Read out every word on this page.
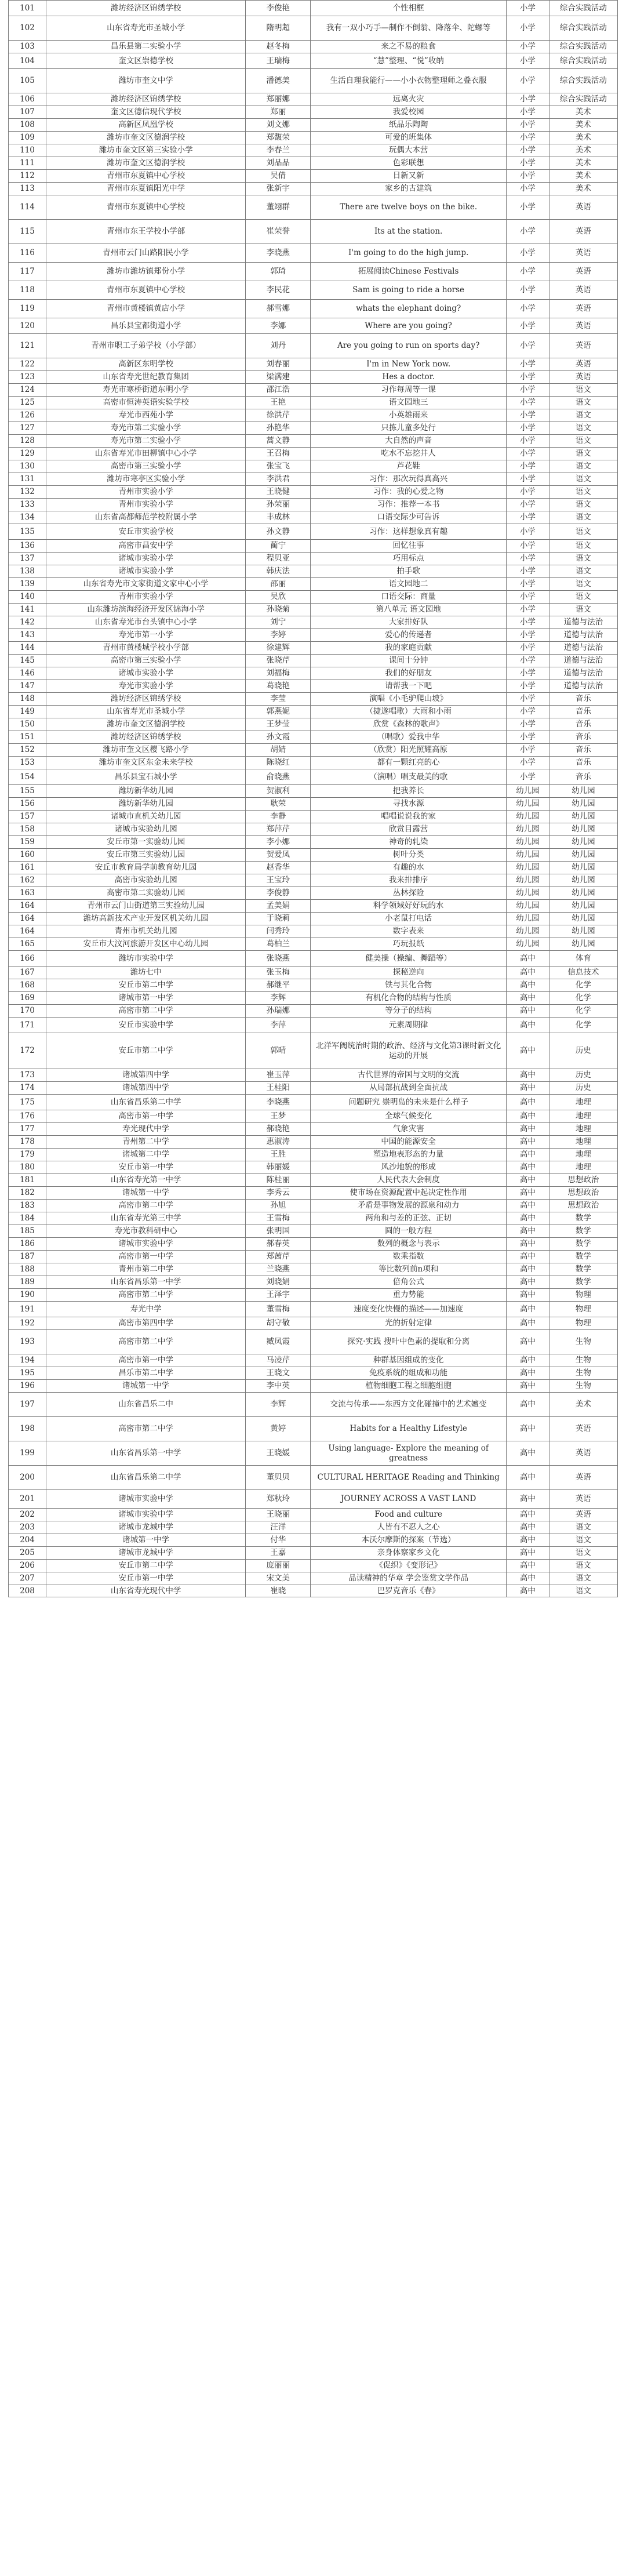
101	潍坊经济区锦绣学校	李俊艳	个性相框	小学	综合实践活动
102	山东省寿光市圣城小学	隋明超	我有一双小巧手—制作不倒翁、降落伞、陀螺等	小学	综合实践活动
103	昌乐县第二实验小学	赵冬梅	来之不易的粮食	小学	综合实践活动
104	奎文区崇德学校	王瑞梅	“慧”整理、“悦”收纳	小学	综合实践活动
105	潍坊市奎文中学	潘德美	生活自理我能行——小小衣物整理师之叠衣服	小学	综合实践活动
106	潍坊经济区锦绣学校	郑丽娜	远离火灾	小学	综合实践活动
107	奎文区德信现代学校	郑丽	我爱校园	小学	美术
108	高新区凤凰学校	刘文娜	纸品乐陶陶	小学	美术
109	潍坊市奎文区德润学校	郑馥荣	可爱的班集体	小学	美术
110	潍坊市奎文区第三实验小学	李春兰	玩偶大本营	小学	美术
111	潍坊市奎文区德润学校	刘品品	色彩联想	小学	美术
112	青州市东夏镇中心学校	吴倩	日新又新	小学	美术
113	青州市东夏镇阳光中学	张新宇	家乡的古建筑	小学	美术
114	青州市东夏镇中心学校	董翊群	There are twelve boys on the bike.	小学	英语
115	青州市东王学校小学部	崔荣誉	Its at the station.	小学	英语
116	青州市云门山路阳民小学	李晓燕	I'm going to do the high jump.	小学	英语
117	潍坊市潍坊镇郑份小学	郭琦	拓展阅读Chinese Festivals	小学	英语
118	青州市东夏镇中心学校	李民花	Sam is going to ride a horse	小学	英语
119	青州市黄楼镇黄店小学	郝雪娜	whats the elephant doing?	小学	英语
120	昌乐县宝都街道小学	李娜	Where are you going?	小学	英语
121	青州市职工子弟学校（小学部）	刘丹	Are you going to run on sports day?	小学	英语
122	高新区东明学校	刘春丽	I'm in New York now.	小学	英语
123	山东省寿光世纪教育集团	梁满建	Hes a doctor.	小学	英语
124	寿光市寒桥街道东明小学	邵江浩	习作每周等一课	小学	语文
125	高密市恒涛英语实验学校	王艳	语文园地三	小学	语文
126	寿光市西苑小学	徐洪芹	小英雄雨来	小学	语文
127	寿光市第二实验小学	孙艳华	只拣儿童多处行	小学	语文
128	寿光市第二实验小学	蒿文静	大自然的声音	小学	语文
129	山东省寿光市田柳镇中心小学	王召梅	吃水不忘挖井人	小学	语文
130	高密市第三实验小学	张宝飞	芦花鞋	小学	语文
131	潍坊市寒亭区实验小学	李洪君	习作：那次玩得真高兴	小学	语文
132	青州市实验小学	王晓健	习作：我的心爱之物	小学	语文
133	青州市实验小学	孙荣丽	习作：推荐一本书	小学	语文
134	山东省高都师范学校附属小学	丰成林	口语交际少可告诉	小学	语文
135	安丘市实验学校	孙文静	习作：这样想象真有趣	小学	语文
136	高密市昌安中学	蔺宁	回忆往事	小学	语文
137	诸城市实验小学	程贝亚	巧用标点	小学	语文
138	诸城市实验小学	韩庆法	拍手歌	小学	语文
139	山东省寿光市文家街道文家中心小学	邵丽	语文园地二	小学	语文
140	青州市实验小学	吴欣	口语交际：商量	小学	语文
141	山东潍坊滨海经济开发区锦海小学	孙晓菊	第八单元 语文园地	小学	语文
142	山东省寿光市台头镇中心小学	刘宁	大家排好队	小学	道德与法治
143	寿光市第一小学	李婷	爱心的传递者	小学	道德与法治
144	青州市黄楼城学校小学部	徐建辉	我的家庭贡献	小学	道德与法治
145	高密市第三实验小学	张晓芹	课间十分钟	小学	道德与法治
146	诸城市实验小学	刘福梅	我们的好朋友	小学	道德与法治
147	寿光市实验小学	葛晓艳	请帮我一下吧	小学	道德与法治
148	潍坊经济区锦绣学校	李莹	演唱《小毛驴爬山坡》	小学	音乐
149	山东省寿光市圣城小学	郭燕妮	（捷遂唱歌）大雨和小雨	小学	音乐
150	潍坊市奎文区德润学校	王梦莹	欣赏《森林的歌声》	小学	音乐
151	潍坊经济区锦绣学校	孙文霞	（唱歌）爱我中华	小学	音乐
152	潍坊市奎文区樱飞路小学	胡婧	（欣赏）阳光照耀高原	小学	音乐
153	潍坊市奎文区东金未来学校	陈晓红	都有一颗红亮的心	小学	音乐
154	昌乐县宝石城小学	俞晓燕	（演唱）唱支最美的歌	小学	音乐
155	潍坊新华幼儿园	贺淑利	把我养长	幼儿园	幼儿园
156	潍坊新华幼儿园	耿荣	寻找水源	幼儿园	幼儿园
157	诸城市直机关幼儿园	李静	唱唱说说我的家	幼儿园	幼儿园
158	诸城市实验幼儿园	郑萍芹	欣赏目露营	幼儿园	幼儿园
159	安丘市第一实验幼儿园	李小娜	神奇的轧染	幼儿园	幼儿园
160	安丘市第三实验幼儿园	贺爱凤	树叶分类	幼儿园	幼儿园
161	安丘市教育局学前教育幼儿园	赵香华	有趣的水	幼儿园	幼儿园
162	高密市实验幼儿园	王宝玲	我来排排序	幼儿园	幼儿园
163	高密市第二实验幼儿园	李俊静	丛林探险	幼儿园	幼儿园
164	青州市云门山街道第三实验幼儿园	孟美娟	科学领域好好玩的水	幼儿园	幼儿园
164	潍坊高新技术产业开发区机关幼儿园	于晓莉	小老鼠打电话	幼儿园	幼儿园
164	青州市机关幼儿园	闫秀玲	数字表来	幼儿园	幼儿园
165	安丘市大汶河旅游开发区中心幼儿园	葛柏兰	巧玩报纸	幼儿园	幼儿园
166	潍坊市实验中学	张晓燕	健美操（操编、舞蹈等）	高中	体育
167	潍坊七中	张玉梅	探秘逆向	高中	信息技术
168	安丘市第二中学	郝继平	铁与其化合物	高中	化学
169	诸城市第一中学	李辉	有机化合物的结构与性质	高中	化学
170	高密市第二中学	孙瑞娜	等分子的结构	高中	化学
171	安丘市实验中学	李萍	元素周期律	高中	化学
172	安丘市第二中学	郭晴	北洋军阀统治时期的政治、经济与文化第3课时新文化运动的开展	高中	历史
173	诸城第四中学	崔玉萍	古代世界的帝国与文明的交流	高中	历史
174	诸城第四中学	王桂阳	从局部抗战到全面抗战	高中	历史
175	山东省昌乐第二中学	李晓燕	问题研究 崇明岛的未来是什么样子	高中	地理
176	高密市第一中学	王梦	全球气候变化	高中	地理
177	寿光现代中学	郝晓艳	气象灾害	高中	地理
178	青州第二中学	惠淑涛	中国的能源安全	高中	地理
179	诸城第二中学	王胜	塑造地表形态的力量	高中	地理
180	安丘市第一中学	韩丽媛	风沙地貌的形成	高中	地理
181	山东省寿光第一中学	陈桂丽	人民代表大会制度	高中	思想政治
182	诸城第一中学	李秀云	使市场在资源配置中起决定性作用	高中	思想政治
183	高密市第二中学	孙旭	矛盾是事物发展的源泉和动力	高中	思想政治
184	山东省寿光第三中学	王雪梅	两角和与差的正弦、正切	高中	数学
185	寿光市教科研中心	张明国	圆的一般方程	高中	数学
186	诸城市实验中学	郝春英	数列的概念与表示	高中	数学
187	高密市第一中学	郑茜芹	数乘指数	高中	数学
188	青州市第二中学	兰晓燕	等比数列前n项和	高中	数学
189	山东省昌乐第一中学	刘晓娟	倍角公式	高中	数学
190	高密市第二中学	王泽宇	重力势能	高中	物理
191	寿光中学	董雪梅	速度变化快慢的描述——加速度	高中	物理
192	高密市第四中学	胡守敬	光的折射定律	高中	物理
193	高密市第二中学	臧凤霞	探究·实践 搜叶中色素的提取和分离	高中	生物
194	高密市第一中学	马凌芹	种群基因组成的变化	高中	生物
195	昌乐市第二中学	王晓文	免疫系统的组成和功能	高中	生物
196	诸城第一中学	李中英	植物细胞工程之细胞组胞	高中	生物
197	山东省昌乐二中	李辉	交流与传承——东西方文化碰撞中的艺术嬗变	高中	美术
198	高密市第二中学	黄婷	Habits for a Healthy Lifestyle	高中	英语
199	山东省昌乐第一中学	王晓媛	Using language- Explore the meaning of greatness	高中	英语
200	山东省昌乐第二中学	董贝贝	CULTURAL HERITAGE Reading and Thinking	高中	英语
201	诸城市实验中学	郑秋玲	JOURNEY ACROSS A VAST LAND	高中	英语
202	诸城市实验中学	王晓丽	Food and culture	高中	英语
203	诸城市龙城中学	汪洋	人皆有不忍人之心	高中	语文
204	诸城第一中学	付华	本沃尔摩斯的探案（节选）	高中	语文
205	诸城市龙城中学	王嘉	亲身体察家乡文化	高中	语文
206	安丘市第二中学	庞丽丽	《促织》《变形记》	高中	语文
207	安丘市第一中学	宋文美	品读精神的华章 学会鉴赏文学作品	高中	语文
208	山东省寿光现代中学	崔晓	巴罗克音乐《春》	高中	语文
